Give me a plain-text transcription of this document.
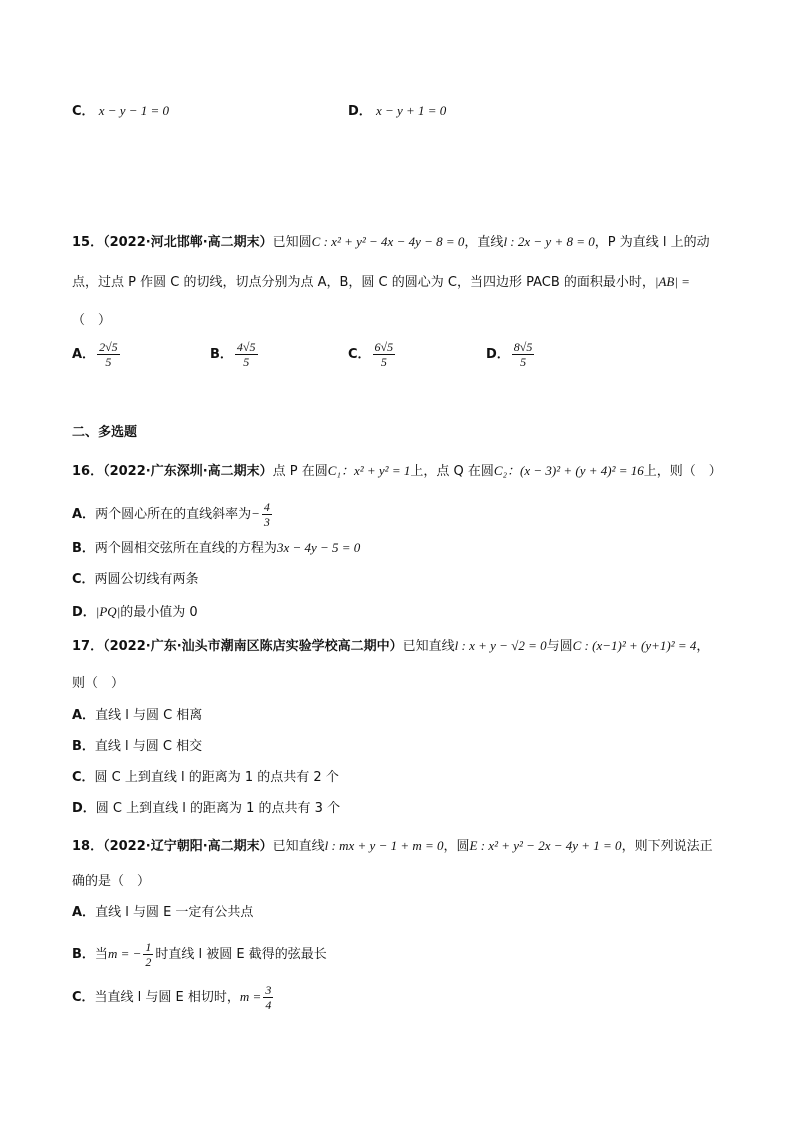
C． x − y − 1 = 0	D． x − y + 1 = 0
15．（2022·河北邯郸·高二期末）已知圆C : x² + y² − 4x − 4y − 8 = 0，直线l : 2x − y + 8 = 0，P 为直线 l 上的动
点，过点 P 作圆 C 的切线，切点分别为点 A，B，圆 C 的圆心为 C，当四边形 PACB 的面积最小时，|AB| =
（　）
A． $\frac{2√5}{5}$	B． $\frac{4√5}{5}$	C． $\frac{6√5}{5}$	D． $\frac{8√5}{5}$
二、多选题
16．（2022·广东深圳·高二期末）点 P 在圆C₁：x² + y² = 1上，点 Q 在圆C₂：(x − 3)² + (y + 4)² = 16上，则（　）
A．两个圆心所在的直线斜率为− $\frac{4}{3}$
B．两个圆相交弦所在直线的方程为3x − 4y − 5 = 0
C．两圆公切线有两条
D．|PQ|的最小值为 0
17．（2022·广东·汕头市潮南区陈店实验学校高二期中）已知直线l : x + y − √2 = 0与圆C : (x−1)² + (y+1)² = 4，
则（　）
A．直线 l 与圆 C 相离
B．直线 l 与圆 C 相交
C．圆 C 上到直线 l 的距离为 1 的点共有 2 个
D．圆 C 上到直线 l 的距离为 1 的点共有 3 个
18．（2022·辽宁朝阳·高二期末）已知直线l : mx + y − 1 + m = 0，圆E : x² + y² − 2x − 4y + 1 = 0，则下列说法正
确的是（　）
A．直线 l 与圆 E 一定有公共点
B．当m = − $\frac{1}{2}$ 时直线 l 被圆 E 截得的弦最长
C．当直线 l 与圆 E 相切时，$m = \frac{3}{4}$
